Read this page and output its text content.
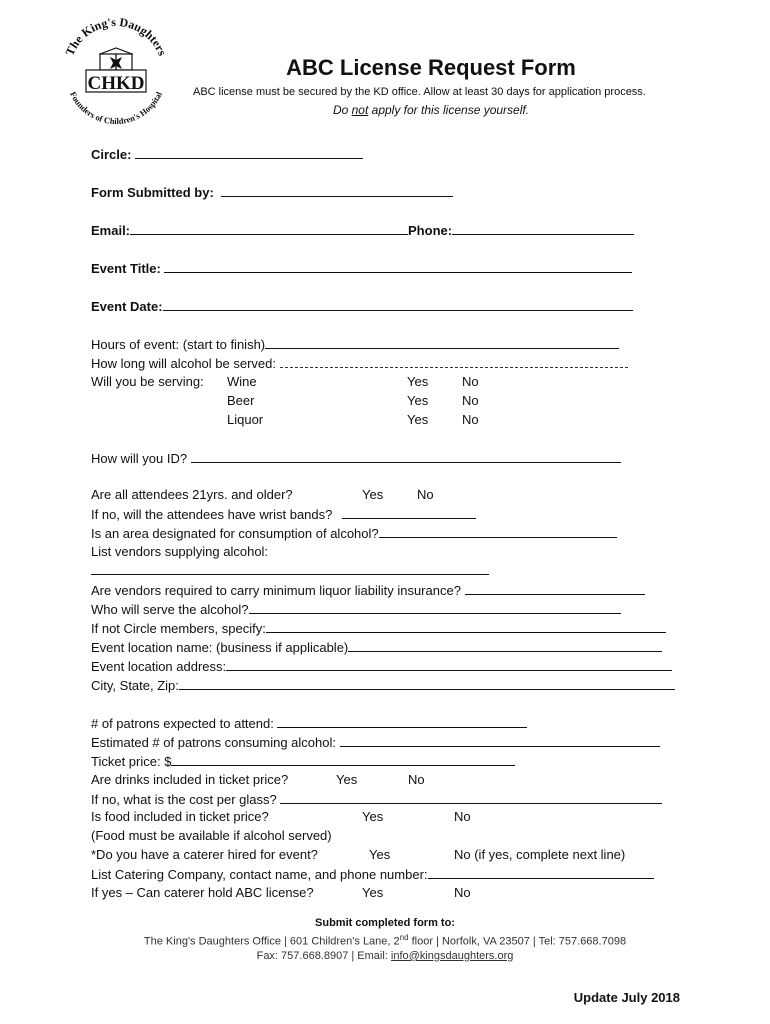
The King's Daughters
Founders of Children's Hospital
CHKD
ABC License Request Form
ABC license must be secured by the KD office. Allow at least 30 days for application process.
Do not apply for this license yourself.
Circle:
Form Submitted by:
Email:	Phone:
Event Title:
Event Date:
Hours of event: (start to finish)
How long will alcohol be served:
Will you be serving: Wine	Yes	No
Beer	Yes	No
Liquor	Yes	No
How will you ID?
Are all attendees 21yrs. and older?	Yes	No
If no, will the attendees have wrist bands?
Is an area designated for consumption of alcohol?
List vendors supplying alcohol:
Are vendors required to carry minimum liquor liability insurance?
Who will serve the alcohol?
If not Circle members, specify:
Event location name: (business if applicable)
Event location address:
City, State, Zip:
# of patrons expected to attend:
Estimated # of patrons consuming alcohol:
Ticket price: $
Are drinks included in ticket price?	Yes	No
If no, what is the cost per glass?
Is food included in ticket price?	Yes	No
(Food must be available if alcohol served)
*Do you have a caterer hired for event?	Yes	No (if yes, complete next line)
List Catering Company, contact name, and phone number:
If yes – Can caterer hold ABC license?	Yes	No
Submit completed form to:
The King's Daughters Office | 601 Children's Lane, 2nd floor | Norfolk, VA 23507 | Tel: 757.668.7098
Fax: 757.668.8907 | Email: info@kingsdaughters.org
Update July 2018
